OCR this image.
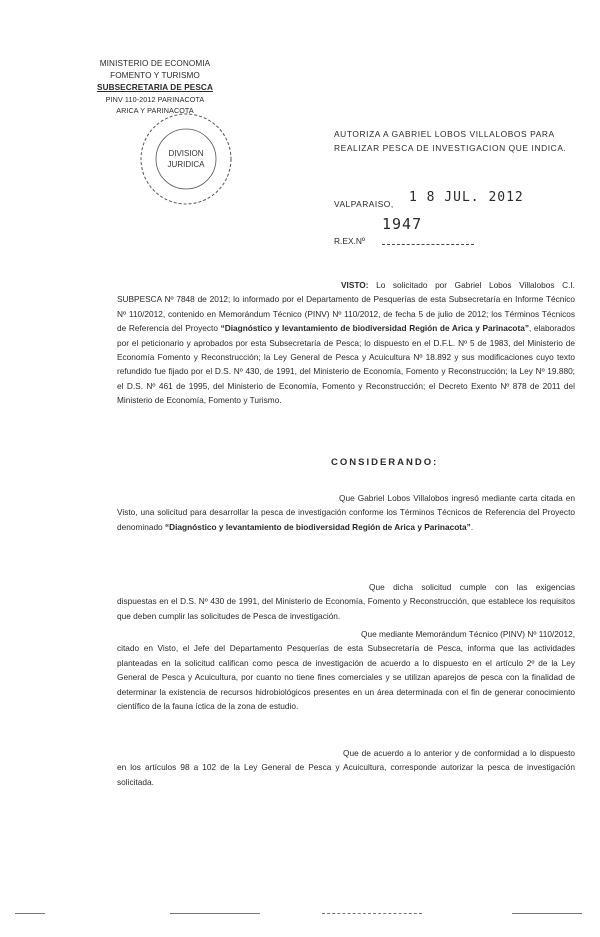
MINISTERIO DE ECONOMIA
FOMENTO Y TURISMO
SUBSECRETARIA DE PESCA
PINV 110-2012 PARINACOTA
ARICA Y PARINACOTA
DIVISION
JURIDICA
AUTORIZA A GABRIEL LOBOS VILLALOBOS PARA REALIZAR PESCA DE INVESTIGACION QUE INDICA.
VALPARAISO, 1 8 JUL. 2012
R.EX.Nº
1947
VISTO: Lo solicitado por Gabriel Lobos Villalobos C.I. SUBPESCA Nº 7848 de 2012; lo informado por el Departamento de Pesquerías de esta Subsecretaría en Informe Técnico Nº 110/2012, contenido en Memorándum Técnico (PINV) Nº 110/2012, de fecha 5 de julio de 2012; los Términos Técnicos de Referencia del Proyecto “Diagnóstico y levantamiento de biodiversidad Región de Arica y Parinacota”, elaborados por el peticionario y aprobados por esta Subsecretaría de Pesca; lo dispuesto en el D.F.L. Nº 5 de 1983, del Ministerio de Economía Fomento y Reconstrucción; la Ley General de Pesca y Acuicultura Nº 18.892 y sus modificaciones cuyo texto refundido fue fijado por el D.S. Nº 430, de 1991, del Ministerio de Economía, Fomento y Reconstrucción; la Ley Nº 19.880; el D.S. Nº 461 de 1995, del Ministerio de Economía, Fomento y Reconstrucción; el Decreto Exento Nº 878 de 2011 del Ministerio de Economía, Fomento y Turismo.
CONSIDERANDO:
Que Gabriel Lobos Villalobos ingresó mediante carta citada en Visto, una solicitud para desarrollar la pesca de investigación conforme los Términos Técnicos de Referencia del Proyecto denominado “Diagnóstico y levantamiento de biodiversidad Región de Arica y Parinacota”.
Que dicha solicitud cumple con las exigencias dispuestas en el D.S. Nº 430 de 1991, del Ministerio de Economía, Fomento y Reconstrucción, que establece los requisitos que deben cumplir las solicitudes de Pesca de investigación.
Que mediante Memorándum Técnico (PINV) Nº 110/2012, citado en Visto, el Jefe del Departamento Pesquerías de esta Subsecretaría de Pesca, informa que las actividades planteadas en la solicitud califican como pesca de investigación de acuerdo a lo dispuesto en el artículo 2º de la Ley General de Pesca y Acuicultura, por cuanto no tiene fines comerciales y se utilizan aparejos de pesca con la finalidad de determinar la existencia de recursos hidrobiológicos presentes en un área determinada con el fin de generar conocimiento científico de la fauna íctica de la zona de estudio.
Que de acuerdo a lo anterior y de conformidad a lo dispuesto en los artículos 98 a 102 de la Ley General de Pesca y Acuicultura, corresponde autorizar la pesca de investigación solicitada.
